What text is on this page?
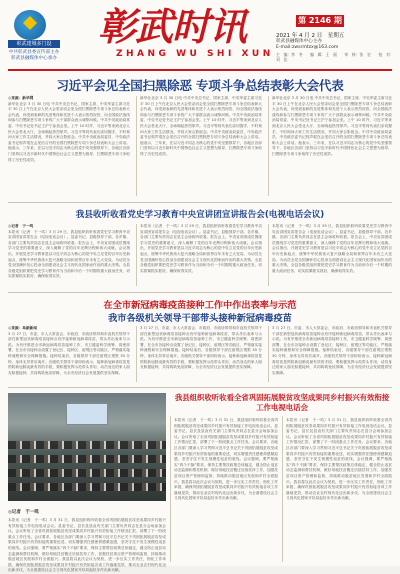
彰武建城多门设
中共彰武县委宣传部主办
彰武县融媒体中心承办
彰武时讯
ZHANG WU SHI XUN
第 2146 期
2021 年 4 月 2 日　星期五
彰武县融媒体中心主办
E-mail:zwsrmtzx@163.com
主　编：李　冬　　编　辑：王　丽　　审　核：张　宏　　校　对：刘　佳
习近平会见全国扫黑除恶 专项斗争总结表彰大会代表
◎来源：新华网
新华社北京 3 月 30 日电 中共中央总书记、国家主席、中央军委主席习近平 30 日上午在北京人民大会堂亲切会见全国扫黑除恶专项斗争总结表彰大会代表，向受到表彰的先进集体和先进个人表示热烈祝贺，向全国政法战线和参与扫黑除恶专项斗争的广大干部群众表示诚挚问候。中共中央政治局常委、中央书记处书记王沪宁参加会见。上午 10 时许，习近平等来到北京人民大会堂北大厅，全场响起热烈掌声。习近平等同代表们亲切握手，不时询问大家工作生活情况，并同大家合影留念。中共中央政治局委员、中央政法委书记郭声琨在会见后召开的全国扫黑除恶专项斗争总结表彰大会上讲话。他表示，三年来，在以习近平同志为核心的党中央坚强领导下，各地区各部门坚持以习近平新时代中国特色社会主义思想为指导，扫黑除恶专项斗争取得了历史性成效。
新华社北京 3 月 30 日电 中共中央总书记、国家主席、中央军委主席习近平 30 日上午在北京人民大会堂亲切会见全国扫黑除恶专项斗争总结表彰大会代表，向受到表彰的先进集体和先进个人表示热烈祝贺，向全国政法战线和参与扫黑除恶专项斗争的广大干部群众表示诚挚问候。中共中央政治局常委、中央书记处书记王沪宁参加会见。上午 10 时许，习近平等来到北京人民大会堂北大厅，全场响起热烈掌声。习近平等同代表们亲切握手，不时询问大家工作生活情况，并同大家合影留念。中共中央政治局委员、中央政法委书记郭声琨在会见后召开的全国扫黑除恶专项斗争总结表彰大会上讲话。他表示，三年来，在以习近平同志为核心的党中央坚强领导下，各地区各部门坚持以习近平新时代中国特色社会主义思想为指导，扫黑除恶专项斗争取得了历史性成效。
新华社北京 3 月 30 日电 中共中央总书记、国家主席、中央军委主席习近平 30 日上午在北京人民大会堂亲切会见全国扫黑除恶专项斗争总结表彰大会代表，向受到表彰的先进集体和先进个人表示热烈祝贺，向全国政法战线和参与扫黑除恶专项斗争的广大干部群众表示诚挚问候。中共中央政治局常委、中央书记处书记王沪宁参加会见。上午 10 时许，习近平等来到北京人民大会堂北大厅，全场响起热烈掌声。习近平等同代表们亲切握手，不时询问大家工作生活情况，并同大家合影留念。中共中央政治局委员、中央政法委书记郭声琨在会见后召开的全国扫黑除恶专项斗争总结表彰大会上讲话。他表示，三年来，在以习近平同志为核心的党中央坚强领导下，各地区各部门坚持以习近平新时代中国特色社会主义思想为指导，扫黑除恶专项斗争取得了历史性成效。
我县收听收看党史学习教育中央宣讲团宣讲报告会(电视电话会议)
◎记者　于一鸣
本报讯（记者　于一鸣）3 月 29 日，我县组织收听收看党史学习教育中央宣讲团宣讲报告会（电视电话会议）。县委书记、县级领导干部，各乡镇、各部门主要负责同志在县主会场收听收看。报告会上，中央宣讲团成员围绕学习党史的重要意义，深入阐释了党的百年光辉历程和伟大成就。会议指出，开展党史学习教育是以习近平同志为核心的党中央立足党的百年历史新起点、统筹中华民族伟大复兴战略全局和世界百年未有之大变局，为动员全党全国满怀信心投身全面建设社会主义现代化国家而作出的重大决策。全县各级党组织要把党史学习教育作为当前和今后一个时期的重大政治任务，切实抓紧抓实抓好，确保取得实效。
本报讯（记者　于一鸣）3 月 29 日，我县组织收听收看党史学习教育中央宣讲团宣讲报告会（电视电话会议）。县委书记、县级领导干部，各乡镇、各部门主要负责同志在县主会场收听收看。报告会上，中央宣讲团成员围绕学习党史的重要意义，深入阐释了党的百年光辉历程和伟大成就。会议指出，开展党史学习教育是以习近平同志为核心的党中央立足党的百年历史新起点、统筹中华民族伟大复兴战略全局和世界百年未有之大变局，为动员全党全国满怀信心投身全面建设社会主义现代化国家而作出的重大决策。全县各级党组织要把党史学习教育作为当前和今后一个时期的重大政治任务，切实抓紧抓实抓好，确保取得实效。
本报讯（记者　于一鸣）3 月 29 日，我县组织收听收看党史学习教育中央宣讲团宣讲报告会（电视电话会议）。县委书记、县级领导干部，各乡镇、各部门主要负责同志在县主会场收听收看。报告会上，中央宣讲团成员围绕学习党史的重要意义，深入阐释了党的百年光辉历程和伟大成就。会议指出，开展党史学习教育是以习近平同志为核心的党中央立足党的百年历史新起点、统筹中华民族伟大复兴战略全局和世界百年未有之大变局，为动员全党全国满怀信心投身全面建设社会主义现代化国家而作出的重大决策。全县各级党组织要把党史学习教育作为当前和今后一个时期的重大政治任务，切实抓紧抓实抓好，确保取得实效。
在全市新冠病毒疫苗接种工作中作出表率与示范
我市各级机关领导干部带头接种新冠病毒疫苗
◎来源：阜新新闻
3 月 27 日，市委、市人大常委会、市政府、市政协领导和市直机关领导干部在新型冠状病毒疫苗接种点有序接种新冠病毒疫苗，带头作出表率与示范。为有序推进全市新冠病毒疫苗接种工作，市卫健委科学统筹、周密部署，在全市各接种点设置了登记区、接种区、留观区等功能区，严格落实接种流程和安全保障措施。接种结束后，各级领导干部在留观区观察 30 分钟，身体无异常后离开。各级机关领导干部纷纷表示，接种新冠病毒疫苗是预防新冠肺炎最有效的手段，要积极发挥示范带头作用，动员身边的家人朋友积极接种，共同构筑免疫屏障，为全市经济社会发展提供坚实保障。
3 月 27 日，市委、市人大常委会、市政府、市政协领导和市直机关领导干部在新型冠状病毒疫苗接种点有序接种新冠病毒疫苗，带头作出表率与示范。为有序推进全市新冠病毒疫苗接种工作，市卫健委科学统筹、周密部署，在全市各接种点设置了登记区、接种区、留观区等功能区，严格落实接种流程和安全保障措施。接种结束后，各级领导干部在留观区观察 30 分钟，身体无异常后离开。各级机关领导干部纷纷表示，接种新冠病毒疫苗是预防新冠肺炎最有效的手段，要积极发挥示范带头作用，动员身边的家人朋友积极接种，共同构筑免疫屏障，为全市经济社会发展提供坚实保障。
3 月 27 日，市委、市人大常委会、市政府、市政协领导和市直机关领导干部在新型冠状病毒疫苗接种点有序接种新冠病毒疫苗，带头作出表率与示范。为有序推进全市新冠病毒疫苗接种工作，市卫健委科学统筹、周密部署，在全市各接种点设置了登记区、接种区、留观区等功能区，严格落实接种流程和安全保障措施。接种结束后，各级领导干部在留观区观察 30 分钟，身体无异常后离开。各级机关领导干部纷纷表示，接种新冠病毒疫苗是预防新冠肺炎最有效的手段，要积极发挥示范带头作用，动员身边的家人朋友积极接种，共同构筑免疫屏障，为全市经济社会发展提供坚实保障。
我县组织收听收看全省巩固拓展脱贫攻坚成果同乡村振兴有效衔接工作电视电话会
◎记者　于一鸣
本报讯（记者　于一鸣）3 月 31 日，我县组织收听收看全省巩固拓展脱贫攻坚成果同乡村振兴有效衔接工作电视电话会议。县委书记、县长及县直有关部门主要负责同志在县分会场参加会议。会议听取了全省巩固拓展脱贫攻坚成果同乡村振兴有效衔接工作情况汇报，部署了下一阶段重点工作任务。会议要求，各地区各部门要深入学习贯彻习近平总书记关于巩固拓展脱贫攻坚成果同乡村振兴有效衔接的重要论述，切实增强责任感使命感紧迫感，坚决守住不发生规模性返贫的底线。会议强调，要严格落实“四个不摘”要求，保持主要帮扶政策总体稳定，健全防止返贫动态监测和帮扶机制，做好易地扶贫搬迁后续扶持工作，加强扶贫项目资产管理和监督，持续推动脱贫地区发展和乡村全面振兴。我县将以此次会议为契机，进一步压实工作责任，细化工作举措，确保巩固拓展脱贫攻坚成果同乡村振兴有效衔接各项工作落地见效，推动农业农村现代化迈出新步伐，为全面建设社会主义现代化国家开好局起好步作出新贡献。
本报讯（记者　于一鸣）3 月 31 日，我县组织收听收看全省巩固拓展脱贫攻坚成果同乡村振兴有效衔接工作电视电话会议。县委书记、县长及县直有关部门主要负责同志在县分会场参加会议。会议听取了全省巩固拓展脱贫攻坚成果同乡村振兴有效衔接工作情况汇报，部署了下一阶段重点工作任务。会议要求，各地区各部门要深入学习贯彻习近平总书记关于巩固拓展脱贫攻坚成果同乡村振兴有效衔接的重要论述，切实增强责任感使命感紧迫感，坚决守住不发生规模性返贫的底线。会议强调，要严格落实“四个不摘”要求，保持主要帮扶政策总体稳定，健全防止返贫动态监测和帮扶机制，做好易地扶贫搬迁后续扶持工作，加强扶贫项目资产管理和监督，持续推动脱贫地区发展和乡村全面振兴。我县将以此次会议为契机，进一步压实工作责任，细化工作举措，确保巩固拓展脱贫攻坚成果同乡村振兴有效衔接各项工作落地见效，推动农业农村现代化迈出新步伐，为全面建设社会主义现代化国家开好局起好步作出新贡献。
本报讯（记者　于一鸣）3 月 31 日，我县组织收听收看全省巩固拓展脱贫攻坚成果同乡村振兴有效衔接工作电视电话会议。县委书记、县长及县直有关部门主要负责同志在县分会场参加会议。会议听取了全省巩固拓展脱贫攻坚成果同乡村振兴有效衔接工作情况汇报，部署了下一阶段重点工作任务。会议要求，各地区各部门要深入学习贯彻习近平总书记关于巩固拓展脱贫攻坚成果同乡村振兴有效衔接的重要论述，切实增强责任感使命感紧迫感，坚决守住不发生规模性返贫的底线。会议强调，要严格落实“四个不摘”要求，保持主要帮扶政策总体稳定，健全防止返贫动态监测和帮扶机制，做好易地扶贫搬迁后续扶持工作，加强扶贫项目资产管理和监督，持续推动脱贫地区发展和乡村全面振兴。我县将以此次会议为契机，进一步压实工作责任，细化工作举措，确保巩固拓展脱贫攻坚成果同乡村振兴有效衔接各项工作落地见效，推动农业农村现代化迈出新步伐，为全面建设社会主义现代化国家开好局起好步作出新贡献。
